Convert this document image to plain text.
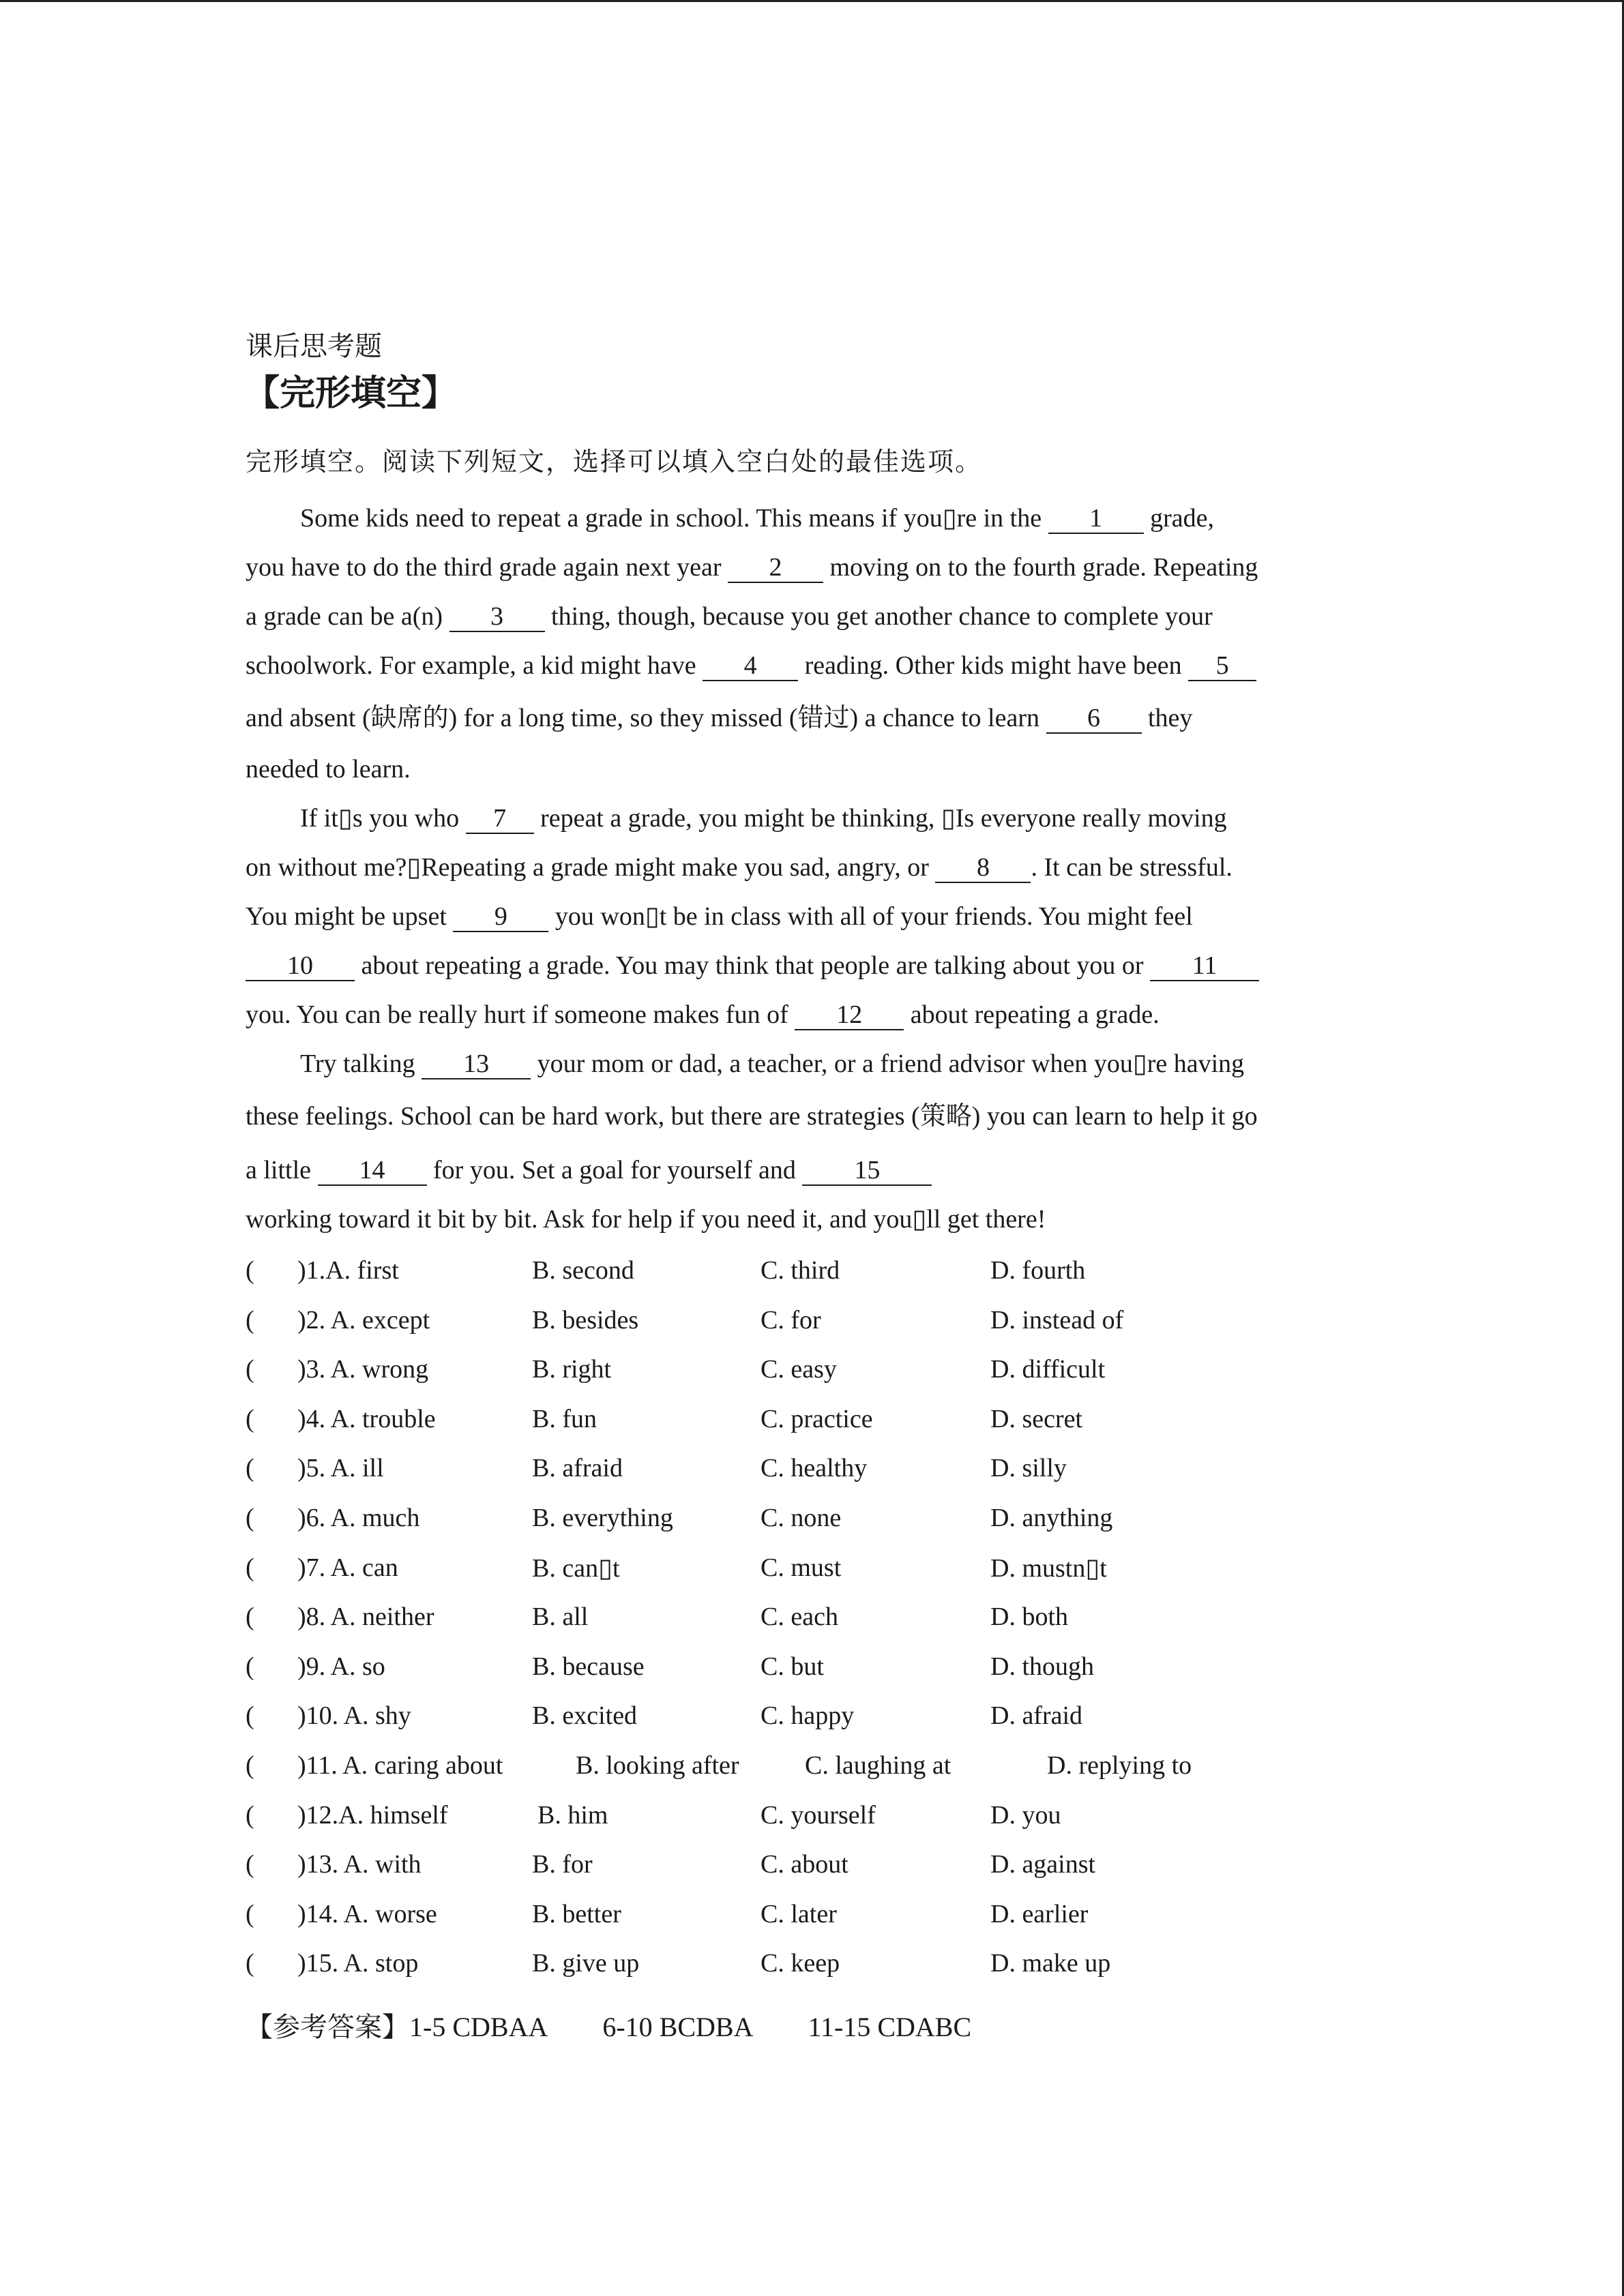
课后思考题
【完形填空】
完形填空。阅读下列短文，选择可以填入空白处的最佳选项。
Some kids need to repeat a grade in school. This means if you▯re in the 1 grade,
you have to do the third grade again next year 2 moving on to the fourth grade. Repeating
a grade can be a(n) 3 thing, though, because you get another chance to complete your
schoolwork. For example, a kid might have 4 reading. Other kids might have been 5
and absent (缺席的) for a long time, so they missed (错过) a chance to learn 6 they
needed to learn.
If it▯s you who 7 repeat a grade, you might be thinking, ▯Is everyone really moving
on without me?▯Repeating a grade might make you sad, angry, or 8 . It can be stressful.
You might be upset 9 you won▯t be in class with all of your friends. You might feel
10 about repeating a grade. You may think that people are talking about you or 11
you. You can be really hurt if someone makes fun of 12 about repeating a grade.
Try talking 13 your mom or dad, a teacher, or a friend advisor when you▯re having
these feelings. School can be hard work, but there are strategies (策略) you can learn to help it go
a little 14 for you. Set a goal for yourself and 15
working toward it bit by bit. Ask for help if you need it, and you▯ll get there!
( )1.A. first	B. second	C. third	D. fourth
( )2. A. except	B. besides	C. for	D. instead of
( )3. A. wrong	B. right	C. easy	D. difficult
( )4. A. trouble	B. fun	C. practice	D. secret
( )5. A. ill	B. afraid	C. healthy	D. silly
( )6. A. much	B. everything	C. none	D. anything
( )7. A. can	B. can▯t	C. must	D. mustn▯t
( )8. A. neither	B. all	C. each	D. both
( )9. A. so	B. because	C. but	D. though
( )10. A. shy	B. excited	C. happy	D. afraid
( )11. A. caring about	B. looking after	C. laughing at	D. replying to
( )12.A. himself	B. him	C. yourself	D. you
( )13. A. with	B. for	C. about	D. against
( )14. A. worse	B. better	C. later	D. earlier
( )15. A. stop	B. give up	C. keep	D. make up
【参考答案】1-5 CDBAA 6-10 BCDBA 11-15 CDABC
